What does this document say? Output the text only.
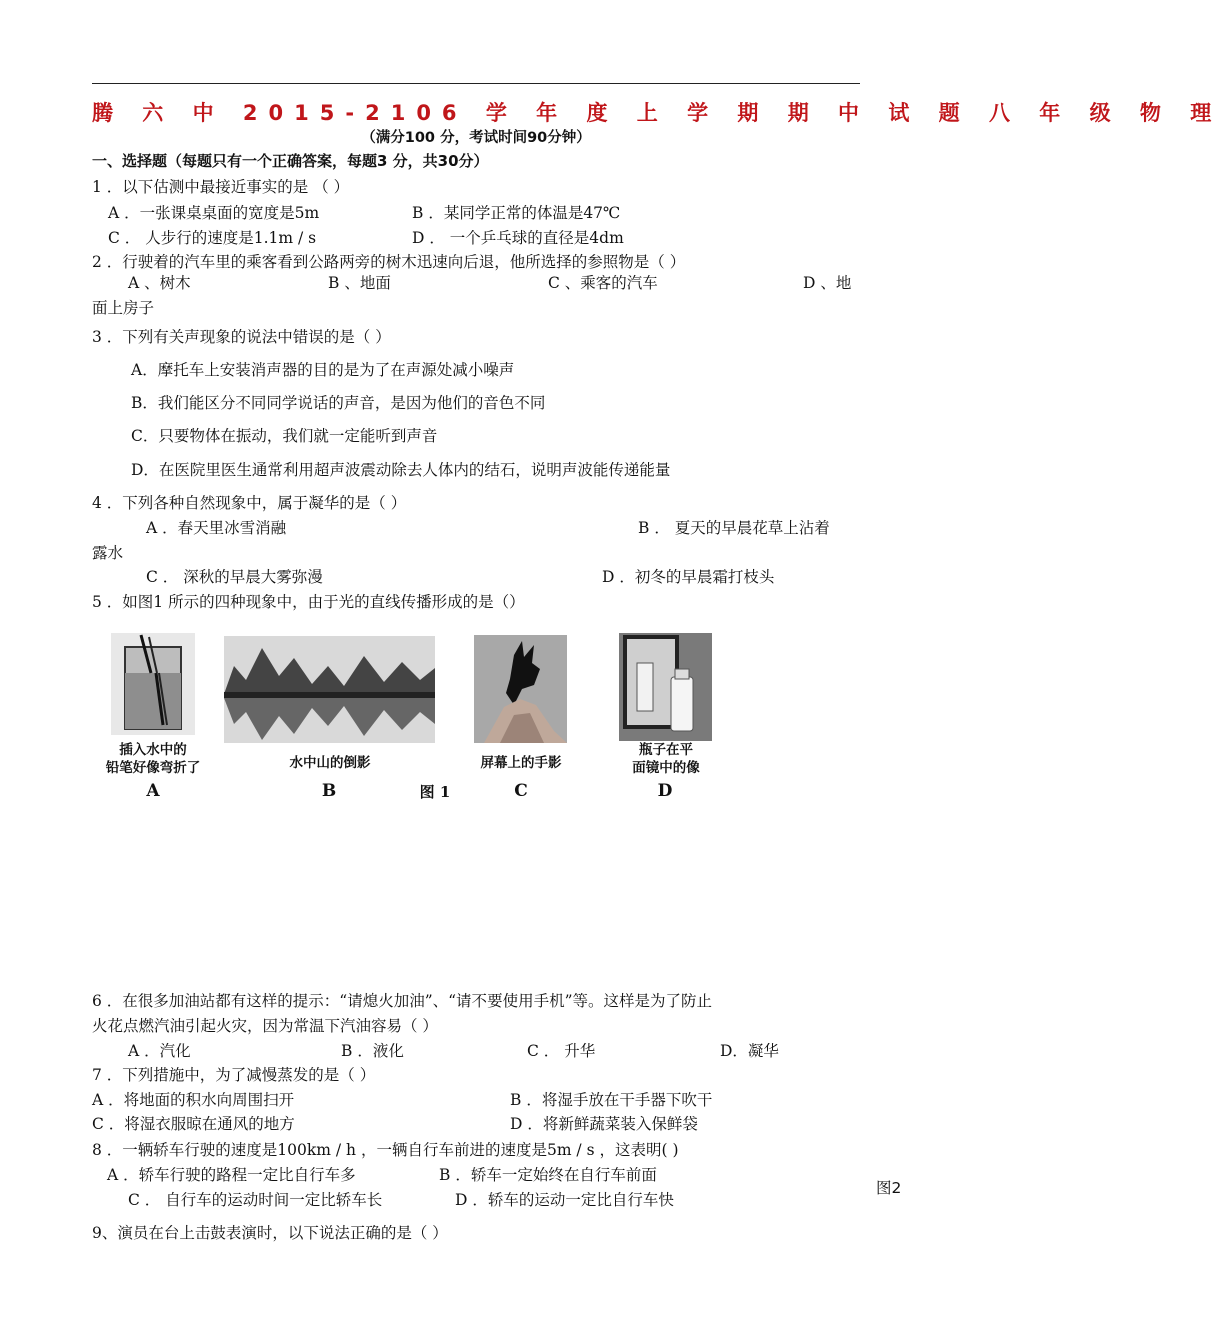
腾 六 中 2015-2106 学 年 度 上 学 期 期 中 试 题 八 年 级 物 理
（满分100 分，考试时间90分钟）
一、选择题（每题只有一个正确答案，每题3 分，共30分）
1 ．以下估测中最接近事实的是 （ ）
A ．一张课桌桌面的宽度是5m	B ．某同学正常的体温是47℃
C ． 人步行的速度是1.1m / s	D ． 一个乒乓球的直径是4dm
2 ．行驶着的汽车里的乘客看到公路两旁的树木迅速向后退，他所选择的参照物是（ ）
A 、树木	B 、地面	C 、乘客的汽车	D 、地
面上房子
3 ．下列有关声现象的说法中错误的是（ ）
A．摩托车上安装消声器的目的是为了在声源处减小噪声
B．我们能区分不同同学说话的声音，是因为他们的音色不同
C．只要物体在振动，我们就一定能听到声音
D．在医院里医生通常利用超声波震动除去人体内的结石，说明声波能传递能量
4 ．下列各种自然现象中，属于凝华的是（ ）
A ．春天里冰雪消融	B ． 夏天的早晨花草上沾着
露水
C ． 深秋的早晨大雾弥漫	D ．初冬的早晨霜打枝头
5 ．如图1 所示的四种现象中，由于光的直线传播形成的是（）
插入水中的
铅笔好像弯折了
A
水中山的倒影
B	图 1
屏幕上的手影
C
瓶子在平
面镜中的像
D
6 ．在很多加油站都有这样的提示：“请熄火加油”、“请不要使用手机”等。这样是为了防止
火花点燃汽油引起火灾，因为常温下汽油容易（ ）
A ．汽化	B ．液化	C ． 升华	D．凝华
7 ．下列措施中，为了减慢蒸发的是（ ）
A ．将地面的积水向周围扫开	B ．将湿手放在干手器下吹干
C ．将湿衣服晾在通风的地方	D ．将新鲜蔬菜装入保鲜袋
8 ．一辆轿车行驶的速度是100km / h ，一辆自行车前进的速度是5m / s ，这表明( )
A ．轿车行驶的路程一定比自行车多	B ．轿车一定始终在自行车前面
C ． 自行车的运动时间一定比轿车长	D ．轿车的运动一定比自行车快
图2
9、演员在台上击鼓表演时，以下说法正确的是（ ）
